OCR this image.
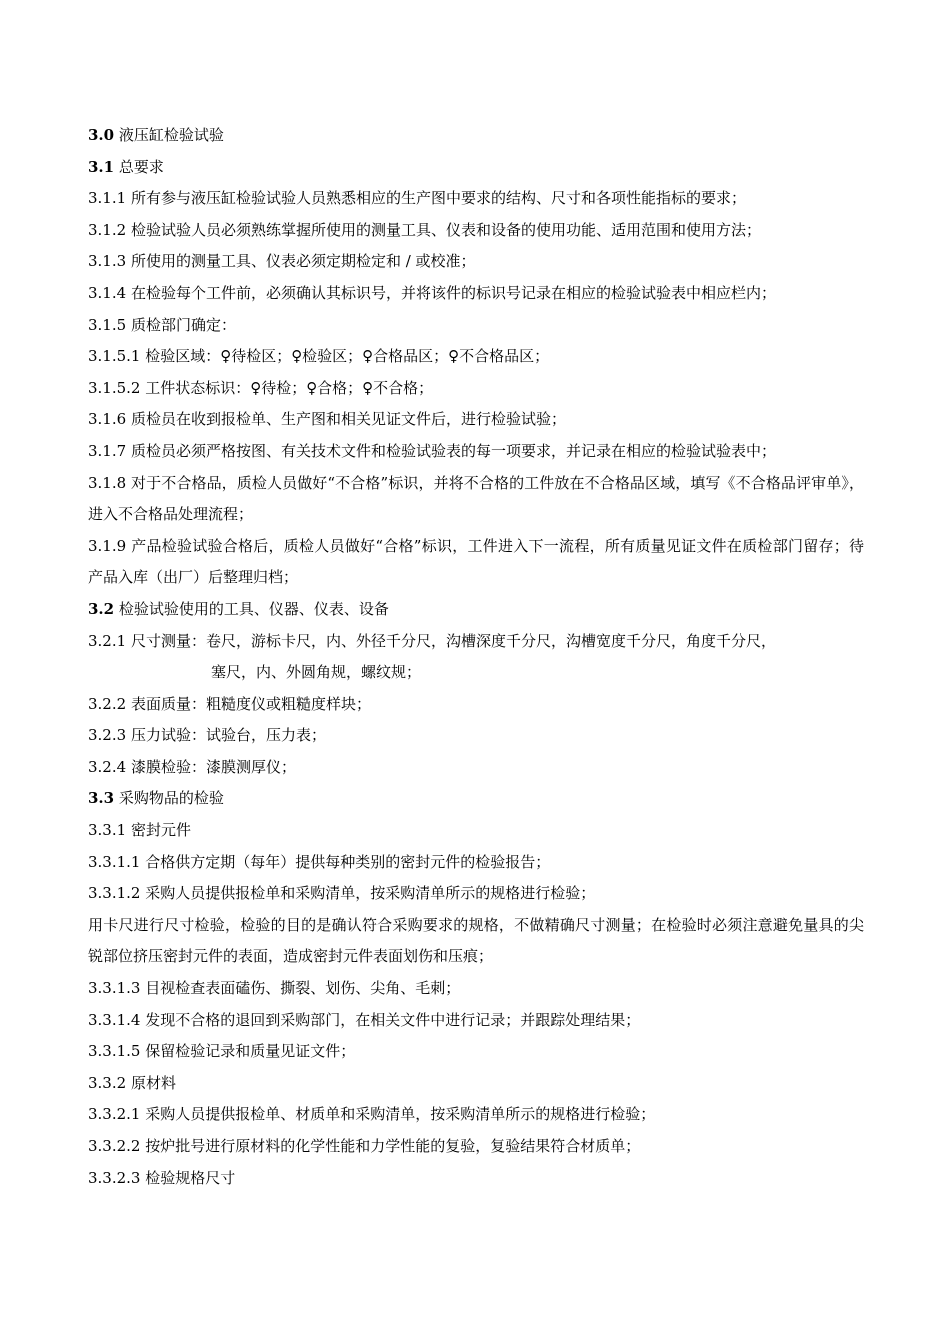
3.0 液压缸检验试验
3.1 总要求
3.1.1 所有参与液压缸检验试验人员熟悉相应的生产图中要求的结构、尺寸和各项性能指标的要求；
3.1.2 检验试验人员必须熟练掌握所使用的测量工具、仪表和设备的使用功能、适用范围和使用方法；
3.1.3 所使用的测量工具、仪表必须定期检定和 / 或校准；
3.1.4 在检验每个工件前，必须确认其标识号，并将该件的标识号记录在相应的检验试验表中相应栏内；
3.1.5 质检部门确定：
3.1.5.1 检验区域：♀待检区；♀检验区；♀合格品区；♀不合格品区；
3.1.5.2 工件状态标识：♀待检；♀合格；♀不合格；
3.1.6 质检员在收到报检单、生产图和相关见证文件后，进行检验试验；
3.1.7 质检员必须严格按图、有关技术文件和检验试验表的每一项要求，并记录在相应的检验试验表中；
3.1.8 对于不合格品，质检人员做好“不合格”标识，并将不合格的工件放在不合格品区域，填写《不合格品评审单》，进入不合格品处理流程；
3.1.9 产品检验试验合格后，质检人员做好“合格”标识，工件进入下一流程，所有质量见证文件在质检部门留存；待产品入库（出厂）后整理归档；
3.2 检验试验使用的工具、仪器、仪表、设备
3.2.1 尺寸测量：卷尺，游标卡尺，内、外径千分尺，沟槽深度千分尺，沟槽宽度千分尺，角度千分尺，
塞尺，内、外圆角规，螺纹规；
3.2.2 表面质量：粗糙度仪或粗糙度样块；
3.2.3 压力试验：试验台，压力表；
3.2.4 漆膜检验：漆膜测厚仪；
3.3 采购物品的检验
3.3.1 密封元件
3.3.1.1 合格供方定期（每年）提供每种类别的密封元件的检验报告；
3.3.1.2 采购人员提供报检单和采购清单，按采购清单所示的规格进行检验；
用卡尺进行尺寸检验，检验的目的是确认符合采购要求的规格，不做精确尺寸测量；在检验时必须注意避免量具的尖锐部位挤压密封元件的表面，造成密封元件表面划伤和压痕；
3.3.1.3 目视检查表面磕伤、撕裂、划伤、尖角、毛刺；
3.3.1.4 发现不合格的退回到采购部门，在相关文件中进行记录；并跟踪处理结果；
3.3.1.5 保留检验记录和质量见证文件；
3.3.2 原材料
3.3.2.1 采购人员提供报检单、材质单和采购清单，按采购清单所示的规格进行检验；
3.3.2.2 按炉批号进行原材料的化学性能和力学性能的复验，复验结果符合材质单；
3.3.2.3 检验规格尺寸
